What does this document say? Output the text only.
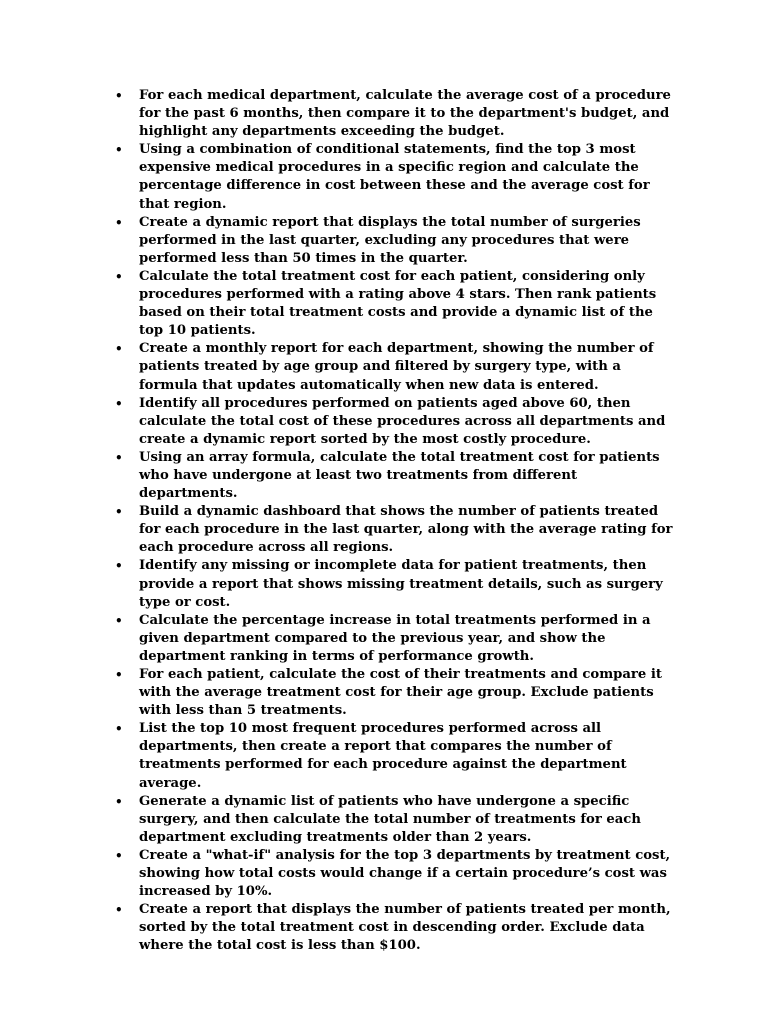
• For each medical department, calculate the average cost of a procedure for the past 6 months, then compare it to the department's budget, and highlight any departments exceeding the budget.
• Using a combination of conditional statements, find the top 3 most expensive medical procedures in a specific region and calculate the percentage difference in cost between these and the average cost for that region.
• Create a dynamic report that displays the total number of surgeries performed in the last quarter, excluding any procedures that were performed less than 50 times in the quarter.
• Calculate the total treatment cost for each patient, considering only procedures performed with a rating above 4 stars. Then rank patients based on their total treatment costs and provide a dynamic list of the top 10 patients.
• Create a monthly report for each department, showing the number of patients treated by age group and filtered by surgery type, with a formula that updates automatically when new data is entered.
• Identify all procedures performed on patients aged above 60, then calculate the total cost of these procedures across all departments and create a dynamic report sorted by the most costly procedure.
• Using an array formula, calculate the total treatment cost for patients who have undergone at least two treatments from different departments.
• Build a dynamic dashboard that shows the number of patients treated for each procedure in the last quarter, along with the average rating for each procedure across all regions.
• Identify any missing or incomplete data for patient treatments, then provide a report that shows missing treatment details, such as surgery type or cost.
• Calculate the percentage increase in total treatments performed in a given department compared to the previous year, and show the department ranking in terms of performance growth.
• For each patient, calculate the cost of their treatments and compare it with the average treatment cost for their age group. Exclude patients with less than 5 treatments.
• List the top 10 most frequent procedures performed across all departments, then create a report that compares the number of treatments performed for each procedure against the department average.
• Generate a dynamic list of patients who have undergone a specific surgery, and then calculate the total number of treatments for each department excluding treatments older than 2 years.
• Create a "what-if" analysis for the top 3 departments by treatment cost, showing how total costs would change if a certain procedure’s cost was increased by 10%.
• Create a report that displays the number of patients treated per month, sorted by the total treatment cost in descending order. Exclude data where the total cost is less than $100.
